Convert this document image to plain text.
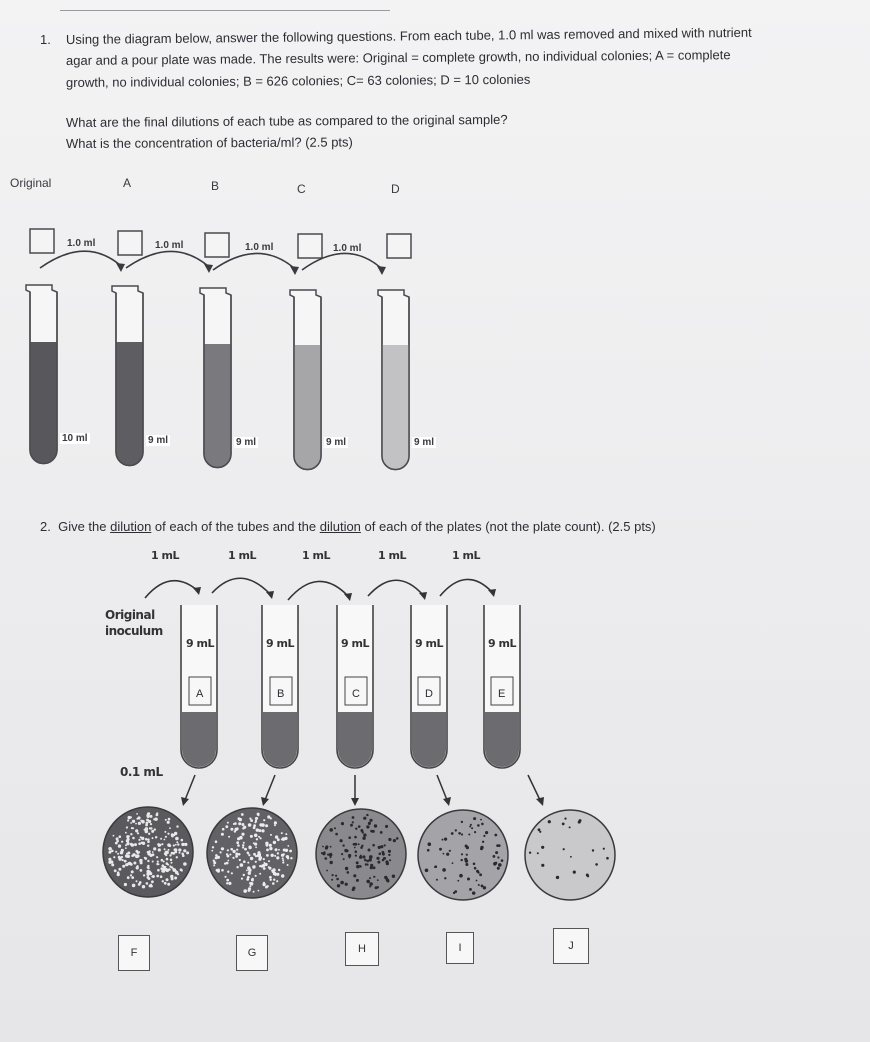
1. Using the diagram below, answer the following questions. From each tube, 1.0 ml was removed and mixed with nutrient
agar and a pour plate was made. The results were: Original = complete growth, no individual colonies; A = complete
growth, no individual colonies; B = 626 colonies; C= 63 colonies; D = 10 colonies
What are the final dilutions of each tube as compared to the original sample?
What is the concentration of bacteria/ml? (2.5 pts)
Original	A	B	C	D
1.0 ml	1.0 ml	1.0 ml	1.0 ml
10 ml	9 ml	9 ml	9 ml	9 ml
2. Give the dilution of each of the tubes and the dilution of each of the plates (not the plate count). (2.5 pts)
1 mL	1 mL	1 mL	1 mL	1 mL
Original
inoculum
0.1 mL
9 mL	9 mL	9 mL	9 mL	9 mL
A	B	C	D	E
F	G	H	I	J
